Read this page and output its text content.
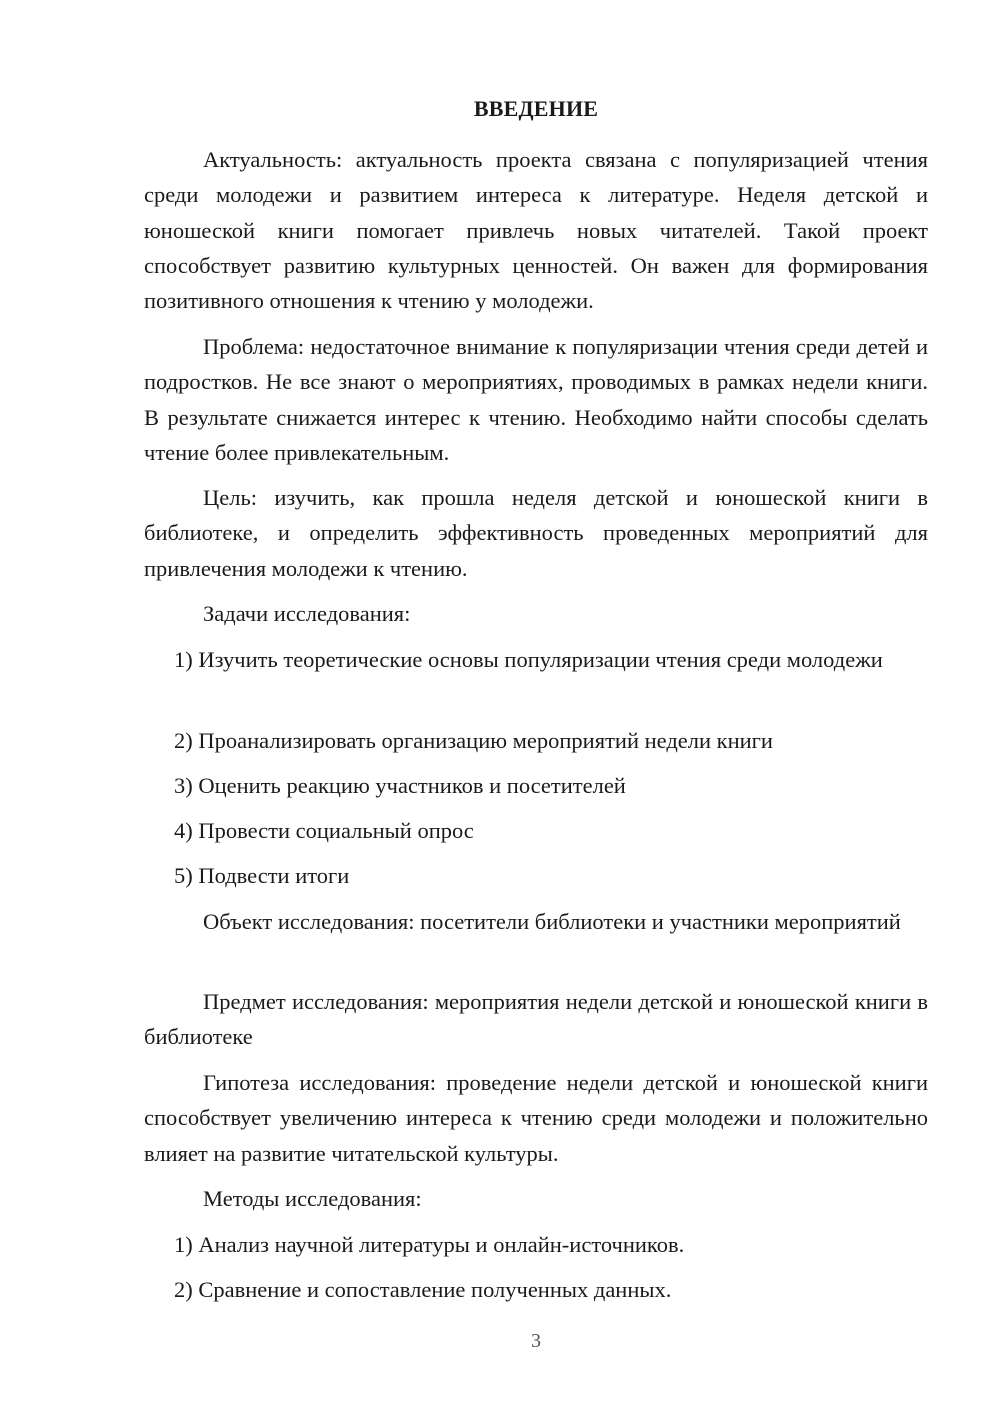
ВВЕДЕНИЕ

Актуальность: актуальность проекта связана с популяризацией чтения среди молодежи и развитием интереса к литературе. Неделя детской и юношеской книги помогает привлечь новых читателей. Такой проект способствует развитию культурных ценностей. Он важен для формирования позитивного отношения к чтению у молодежи.

Проблема: недостаточное внимание к популяризации чтения среди детей и подростков. Не все знают о мероприятиях, проводимых в рамках недели книги. В результате снижается интерес к чтению. Необходимо найти способы сделать чтение более привлекательным.

Цель: изучить, как прошла неделя детской и юношеской книги в библиотеке, и определить эффективность проведенных мероприятий для привлечения молодежи к чтению.

Задачи исследования:

1) Изучить теоретические основы популяризации чтения среди молодежи

2) Проанализировать организацию мероприятий недели книги

3) Оценить реакцию участников и посетителей

4) Провести социальный опрос

5) Подвести итоги

Объект исследования: посетители библиотеки и участники мероприятий

Предмет исследования: мероприятия недели детской и юношеской книги в библиотеке

Гипотеза исследования: проведение недели детской и юношеской книги способствует увеличению интереса к чтению среди молодежи и положительно влияет на развитие читательской культуры.

Методы исследования:

1) Анализ научной литературы и онлайн-источников.

2) Сравнение и сопоставление полученных данных.

3
